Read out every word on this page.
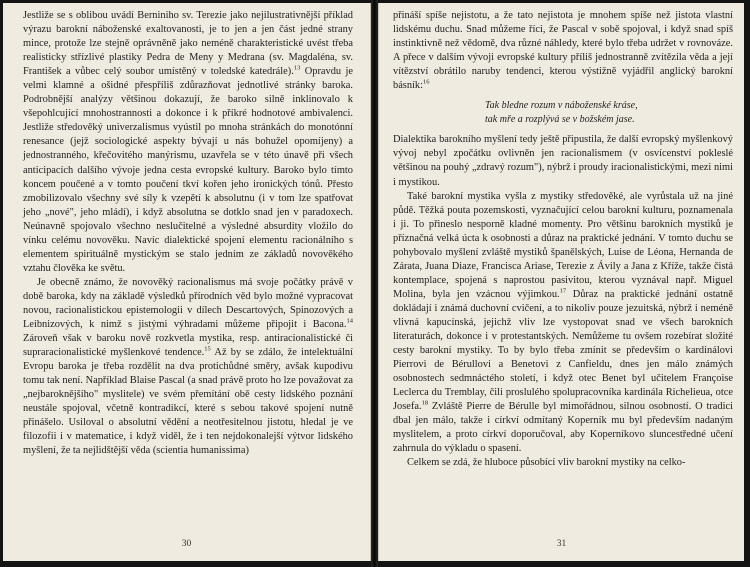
Jestliže se s oblibou uvádí Berniniho sv. Terezie jako nejilustrativnější příklad výrazu barokní náboženské exaltovanosti, je to jen a jen část jedné strany mince, protože lze stejně oprávněně jako neméně charakteristické uvést třeba realisticky střízlivé plastiky Pedra de Meny y Medrana (sv. Magdaléna, sv. František a vůbec celý soubor umístěný v toledské katedrále).$^{13}$ Opravdu je velmi klamné a ošidné přespříliš zdůrazňovat jednotlivé stránky baroka. Podrobnější analýzy většinou dokazují, že baroko silně inklinovalo k všepohlcující mnohostrannosti a dokonce i k příkré hodnotové ambivalenci. Jestliže středověký univerzalismus vyústil po mnoha stránkách do monotónní renesance (jejž sociologické aspekty bývají u nás bohužel opomíjeny) a jednostranného, křečovitého manýrismu, uzavřela se v této únavě při všech anticipacích dalšího vývoje jedna cesta evropské kultury. Baroko bylo tímto koncem poučené a v tomto poučení tkví kořen jeho ironických tónů. Přesto zmobilizovalo všechny své síly k vzepětí k absolutnu (i v tom lze spatřovat jeho „nové", jeho mládí), i když absolutna se dotklo snad jen v paradoxech. Neúnavně spojovalo všechno neslučitelné a výsledné absurdity vložilo do vínku celému novověku. Navíc dialektické spojení elementu racionálního s elementem spirituálně mystickým se stalo jedním ze základů novověkého vztahu člověka ke světu.

Je obecně známo, že novověký racionalismus má svoje počátky právě v době baroka, kdy na základě výsledků přírodních věd bylo možné vypracovat novou, racionalistickou epistemologii v dílech Descartových, Spinozových a Leibnizových, k nimž s jistými výhradami můžeme připojit i Bacona.$^{14}$ Zároveň však v baroku nově rozkvetla mystika, resp. antiracionalistické či supraracionalistické myšlenkové tendence.$^{15}$ Až by se zdálo, že intelektuální Evropu baroka je třeba rozdělit na dva protichůdné směry, avšak kupodivu tomu tak není. Například Blaise Pascal (a snad právě proto ho lze považovat za „nejbaroknějšího" myslitele) ve svém přemítání obě cesty lidského poznání neustále spojoval, včetně kontradikcí, které s sebou takové spojení nutně přinášelo. Usiloval o absolutní vědění a neotřesitelnou jistotu, hledal je ve filozofii i v matematice, i když viděl, že i ten nejdokonalejší výtvor lidského myšlení, že ta nejlidštější věda (scientia humanissima)

30

přináší spíše nejistotu, a že tato nejistota je mnohem spíše než jistota vlastní lidskému duchu. Snad můžeme říci, že Pascal v sobě spojoval, i když snad spíš instinktivně než vědomě, dva různé náhledy, které bylo třeba udržet v rovnováze. A přece v dalším vývoji evropské kultury příliš jednostranně zvítězila věda a její vítězství obrátilo naruby tendenci, kterou výstižně vyjádřil anglický barokní básník:$^{16}$

Tak bledne rozum v náboženské kráse,
tak mře a rozplývá se v božském jase.

Dialektika barokního myšlení tedy ještě připustila, že další evropský myšlenkový vývoj nebyl zpočátku ovlivněn jen racionalismem (v osvícenství pokleslé většinou na pouhý „zdravý rozum"), nýbrž i proudy iracionalistickými, mezi nimi i mystikou.

Také barokní mystika vyšla z mystiky středověké, ale vyrůstala už na jiné půdě. Těžká pouta pozemskosti, vyznačující celou barokní kulturu, poznamenala i ji. To přineslo nesporně kladné momenty. Pro většinu barokních mystiků je příznačná velká úcta k osobnosti a důraz na praktické jednání. V tomto duchu se pohybovalo myšlení zvláště mystiků španělských, Luise de Léona, Hernanda de Zárata, Juana Diaze, Francisca Ariase, Terezie z Ávily a Jana z Kříže, takže čistá kontemplace, spojená s naprostou pasivitou, kterou vyznával např. Miguel Molina, byla jen vzácnou výjimkou.$^{17}$ Důraz na praktické jednání ostatně dokládají i známá duchovní cvičení, a to nikoliv pouze jezuitská, nýbrž i neméně vlivná kapucínská, jejichž vliv lze vystopovat snad ve všech barokních literaturách, dokonce i v protestantských. Nemůžeme tu ovšem rozebírat složité cesty barokní mystiky. To by bylo třeba zmínit se především o kardinálovi Pierrovi de Bérullovi a Benetovi z Canfieldu, dnes jen málo známých osobnostech sedmnáctého století, i když otec Benet byl učitelem Françoise Leclerca du Tremblay, čili proslulého spolupracovníka kardinála Richelieua, otce Josefa.$^{18}$ Zvláště Pierre de Bérulle byl mimořádnou, silnou osobností. O tradici dbal jen málo, takže i církví odmítaný Koperník mu byl především nadaným myslitelem, a proto církví doporučoval, aby Koperníkovo sluncestředné učení zahrnula do výkladu o spasení.

Celkem se zdá, že hluboce působící vliv barokní mystiky na celko-

31
